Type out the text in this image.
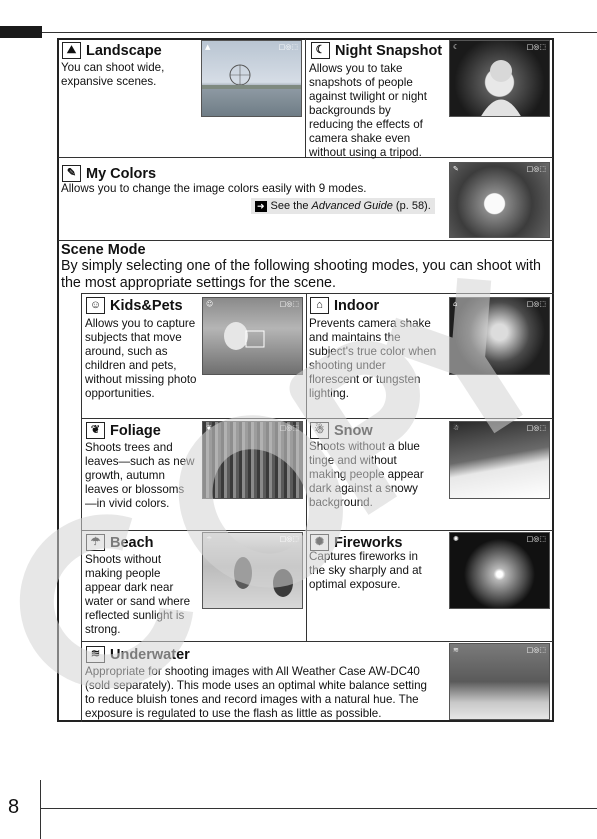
⛰ Landscape
You can shoot wide, expansive scenes.
▲	□◎⬚	☾ Night Snapshot
Allows you to take snapshots of people against twilight or night backgrounds by reducing the effects of camera shake even without using a tripod.
☾	□◎⬚
✎ My Colors
Allows you to change the image colors easily with 9 modes.
➜ See the Advanced Guide (p. 58).
✎	□◎⬚
Scene Mode
By simply selecting one of the following shooting modes, you can shoot with the most appropriate settings for the scene.
☺ Kids&Pets
Allows you to capture subjects that move around, such as children and pets, without missing photo opportunities.
☺	□◎⬚	⌂ Indoor
Prevents camera shake and maintains the subject's true color when shooting under florescent or tungsten lighting.
⌂	□◎⬚
❦ Foliage
Shoots trees and leaves—such as new growth, autumn leaves or blossoms—in vivid colors.
❦	□◎⬚	☃ Snow
Shoots without a blue tinge and without making people appear dark against a snowy background.
☃	□◎⬚
☂ Beach
Shoots without making people appear dark near water or sand where reflected sunlight is strong.
☂	□◎⬚	✺ Fireworks
Captures fireworks in the sky sharply and at optimal exposure.
✺	□◎⬚
≋ Underwater
Appropriate for shooting images with All Weather Case AW-DC40 (sold separately). This mode uses an optimal white balance setting to reduce bluish tones and record images with a natural hue. The exposure is regulated to use the flash as little as possible.
≋	□◎⬚
8
